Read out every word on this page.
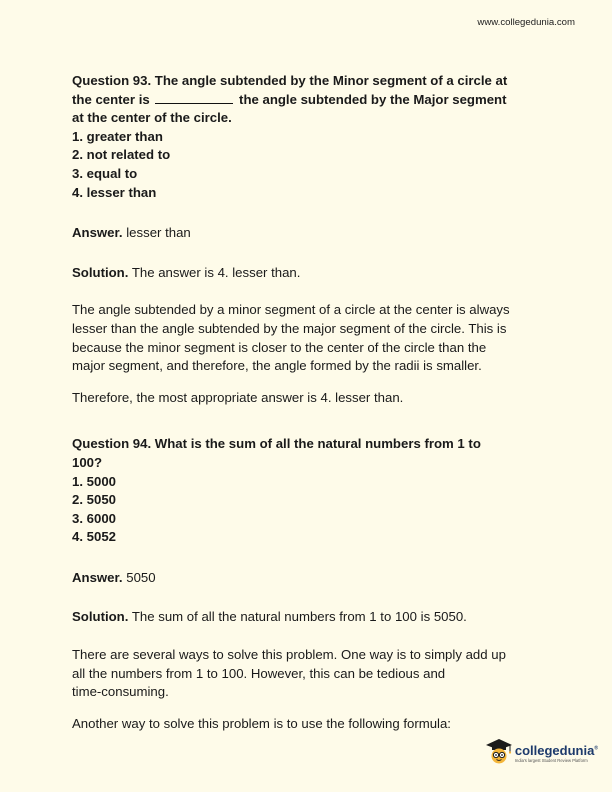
www.collegedunia.com
Question 93. The angle subtended by the Minor segment of a circle at
the center is	the angle subtended by the Major segment
at the center of the circle.
1. greater than
2. not related to
3. equal to
4. lesser than
Answer. lesser than
Solution. The answer is 4. lesser than.
The angle subtended by a minor segment of a circle at the center is always
lesser than the angle subtended by the major segment of the circle. This is
because the minor segment is closer to the center of the circle than the
major segment, and therefore, the angle formed by the radii is smaller.
Therefore, the most appropriate answer is 4. lesser than.
Question 94. What is the sum of all the natural numbers from 1 to
100?
1. 5000
2. 5050
3. 6000
4. 5052
Answer. 5050
Solution. The sum of all the natural numbers from 1 to 100 is 5050.
There are several ways to solve this problem. One way is to simply add up
all the numbers from 1 to 100. However, this can be tedious and
time-consuming.
Another way to solve this problem is to use the following formula:
collegedunia®
India's largest Student Review Platform
